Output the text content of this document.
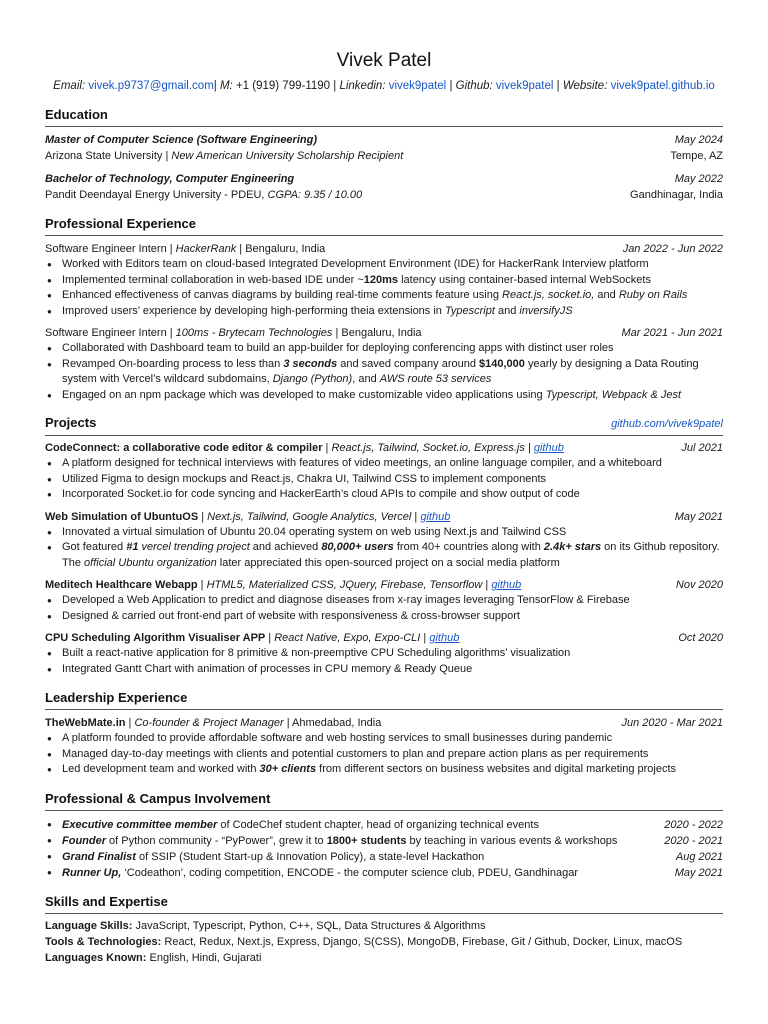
Vivek Patel
Email: vivek.p9737@gmail.com| M: +1 (919) 799-1190 | Linkedin: vivek9patel | Github: vivek9patel | Website: vivek9patel.github.io
Education
Master of Computer Science (Software Engineering)	May 2024
Arizona State University | New American University Scholarship Recipient	Tempe, AZ
Bachelor of Technology, Computer Engineering	May 2022
Pandit Deendayal Energy University - PDEU, CGPA: 9.35 / 10.00	Gandhinagar, India
Professional Experience
Software Engineer Intern | HackerRank | Bengaluru, India	Jan 2022 - Jun 2022
● Worked with Editors team on cloud-based Integrated Development Environment (IDE) for HackerRank Interview platform
● Implemented terminal collaboration in web-based IDE under ~120ms latency using container-based internal WebSockets
● Enhanced effectiveness of canvas diagrams by building real-time comments feature using React.js, socket.io, and Ruby on Rails
● Improved users’ experience by developing high-performing theia extensions in Typescript and inversifyJS
Software Engineer Intern | 100ms - Brytecam Technologies | Bengaluru, India	Mar 2021 - Jun 2021
● Collaborated with Dashboard team to build an app-builder for deploying conferencing apps with distinct user roles
● Revamped On-boarding process to less than 3 seconds and saved company around $140,000 yearly by designing a Data Routing system with Vercel’s wildcard subdomains, Django (Python), and AWS route 53 services
● Engaged on an npm package which was developed to make customizable video applications using Typescript, Webpack & Jest
Projects	github.com/vivek9patel
CodeConnect: a collaborative code editor & compiler | React.js, Tailwind, Socket.io, Express.js | github	Jul 2021
● A platform designed for technical interviews with features of video meetings, an online language compiler, and a whiteboard
● Utilized Figma to design mockups and React.js, Chakra UI, Tailwind CSS to implement components
● Incorporated Socket.io for code syncing and HackerEarth’s cloud APIs to compile and show output of code
Web Simulation of UbuntuOS | Next.js, Tailwind, Google Analytics, Vercel | github	May 2021
● Innovated a virtual simulation of Ubuntu 20.04 operating system on web using Next.js and Tailwind CSS
● Got featured #1 vercel trending project and achieved 80,000+ users from 40+ countries along with 2.4k+ stars on its Github repository. The official Ubuntu organization later appreciated this open-sourced project on a social media platform
Meditech Healthcare Webapp | HTML5, Materialized CSS, JQuery, Firebase, Tensorflow | github	Nov 2020
● Developed a Web Application to predict and diagnose diseases from x-ray images leveraging TensorFlow & Firebase
● Designed & carried out front-end part of website with responsiveness & cross-browser support
CPU Scheduling Algorithm Visualiser APP | React Native, Expo, Expo-CLI | github	Oct 2020
● Built a react-native application for 8 primitive & non-preemptive CPU Scheduling algorithms’ visualization
● Integrated Gantt Chart with animation of processes in CPU memory & Ready Queue
Leadership Experience
TheWebMate.in | Co-founder & Project Manager | Ahmedabad, India	Jun 2020 - Mar 2021
● A platform founded to provide affordable software and web hosting services to small businesses during pandemic
● Managed day-to-day meetings with clients and potential customers to plan and prepare action plans as per requirements
● Led development team and worked with 30+ clients from different sectors on business websites and digital marketing projects
Professional & Campus Involvement
● Executive committee member of CodeChef student chapter, head of organizing technical events	2020 - 2022
● Founder of Python community - “PyPower”, grew it to 1800+ students by teaching in various events & workshops	2020 - 2021
● Grand Finalist of SSIP (Student Start-up & Innovation Policy), a state-level Hackathon	Aug 2021
● Runner Up, ‘Codeathon’, coding competition, ENCODE - the computer science club, PDEU, Gandhinagar	May 2021
Skills and Expertise

Language Skills: JavaScript, Typescript, Python, C++, SQL, Data Structures & Algorithms

Tools & Technologies: React, Redux, Next.js, Express, Django, S(CSS), MongoDB, Firebase, Git / Github, Docker, Linux, macOS

Languages Known: English, Hindi, Gujarati
